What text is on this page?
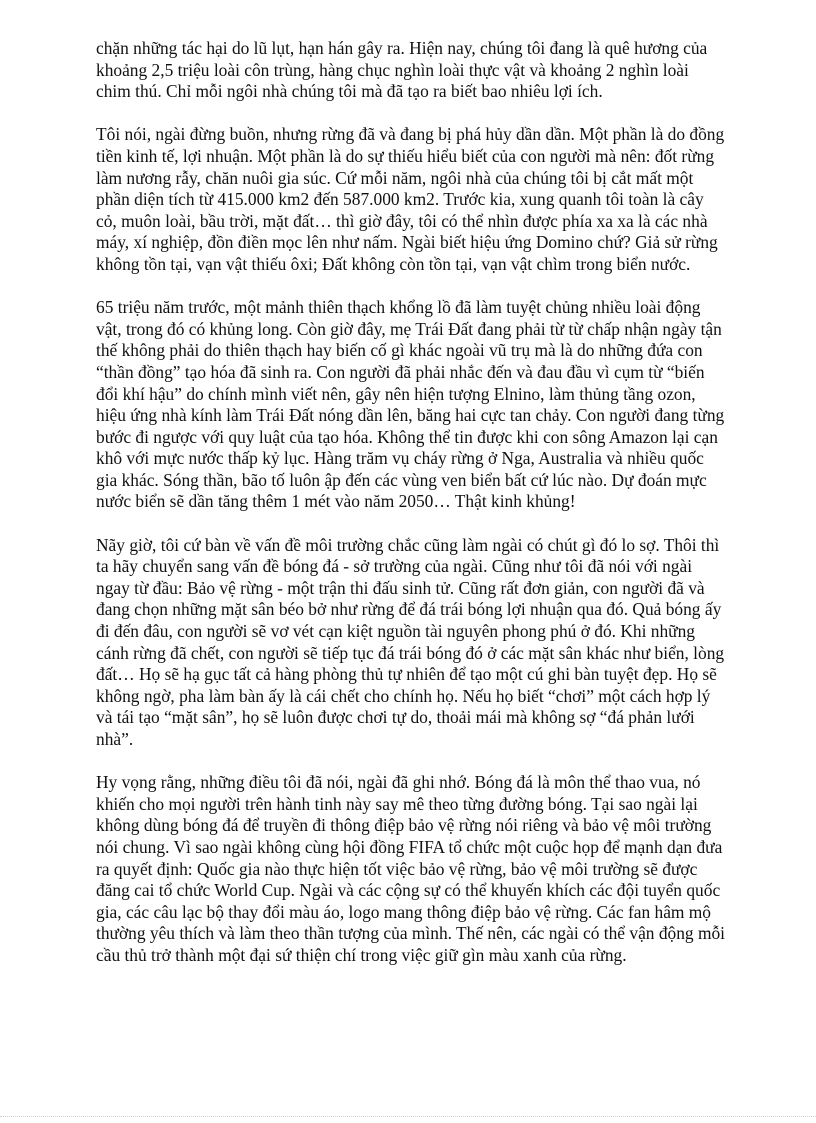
chặn những tác hại do lũ lụt, hạn hán gây ra. Hiện nay, chúng tôi đang là quê hương của khoảng 2,5 triệu loài côn trùng, hàng chục nghìn loài thực vật và khoảng 2 nghìn loài chim thú. Chỉ mỗi ngôi nhà chúng tôi mà đã tạo ra biết bao nhiêu lợi ích.

Tôi nói, ngài đừng buồn, nhưng rừng đã và đang bị phá hủy dần dần. Một phần là do đồng tiền kinh tế, lợi nhuận. Một phần là do sự thiếu hiểu biết của con người mà nên: đốt rừng làm nương rẫy, chăn nuôi gia súc. Cứ mỗi năm, ngôi nhà của chúng tôi bị cắt mất một phần diện tích từ 415.000 km2 đến 587.000 km2. Trước kia, xung quanh tôi toàn là cây cỏ, muôn loài, bầu trời, mặt đất… thì giờ đây, tôi có thể nhìn được phía xa xa là các nhà máy, xí nghiệp, đồn điền mọc lên như nấm. Ngài biết hiệu ứng Domino chứ? Giả sử rừng không tồn tại, vạn vật thiếu ôxi; Đất không còn tồn tại, vạn vật chìm trong biển nước.

65 triệu năm trước, một mảnh thiên thạch khổng lồ đã làm tuyệt chủng nhiều loài động vật, trong đó có khủng long. Còn giờ đây, mẹ Trái Đất đang phải từ từ chấp nhận ngày tận thế không phải do thiên thạch hay biến cố gì khác ngoài vũ trụ mà là do những đứa con “thần đồng” tạo hóa đã sinh ra. Con người đã phải nhắc đến và đau đầu vì cụm từ “biến đổi khí hậu” do chính mình viết nên, gây nên hiện tượng Elnino, làm thủng tầng ozon, hiệu ứng nhà kính làm Trái Đất nóng dần lên, băng hai cực tan chảy. Con người đang từng bước đi ngược với quy luật của tạo hóa. Không thể tin được khi con sông Amazon lại cạn khô với mực nước thấp kỷ lục. Hàng trăm vụ cháy rừng ở Nga, Australia và nhiều quốc gia khác. Sóng thần, bão tố luôn ập đến các vùng ven biển bất cứ lúc nào. Dự đoán mực nước biển sẽ dần tăng thêm 1 mét vào năm 2050… Thật kinh khủng!

Nãy giờ, tôi cứ bàn về vấn đề môi trường chắc cũng làm ngài có chút gì đó lo sợ. Thôi thì ta hãy chuyển sang vấn đề bóng đá - sở trường của ngài. Cũng như tôi đã nói với ngài ngay từ đầu: Bảo vệ rừng - một trận thi đấu sinh tử. Cũng rất đơn giản, con người đã và đang chọn những mặt sân béo bở như rừng để đá trái bóng lợi nhuận qua đó. Quả bóng ấy đi đến đâu, con người sẽ vơ vét cạn kiệt nguồn tài nguyên phong phú ở đó. Khi những cánh rừng đã chết, con người sẽ tiếp tục đá trái bóng đó ở các mặt sân khác như biển, lòng đất… Họ sẽ hạ gục tất cả hàng phòng thủ tự nhiên để tạo một cú ghi bàn tuyệt đẹp. Họ sẽ không ngờ, pha làm bàn ấy là cái chết cho chính họ. Nếu họ biết “chơi” một cách hợp lý và tái tạo “mặt sân”, họ sẽ luôn được chơi tự do, thoải mái mà không sợ “đá phản lưới nhà”.

Hy vọng rằng, những điều tôi đã nói, ngài đã ghi nhớ. Bóng đá là môn thể thao vua, nó khiến cho mọi người trên hành tinh này say mê theo từng đường bóng. Tại sao ngài lại không dùng bóng đá để truyền đi thông điệp bảo vệ rừng nói riêng và bảo vệ môi trường nói chung. Vì sao ngài không cùng hội đồng FIFA tổ chức một cuộc họp để mạnh dạn đưa ra quyết định: Quốc gia nào thực hiện tốt việc bảo vệ rừng, bảo vệ môi trường sẽ được đăng cai tổ chức World Cup. Ngài và các cộng sự có thể khuyến khích các đội tuyển quốc gia, các câu lạc bộ thay đổi màu áo, logo mang thông điệp bảo vệ rừng. Các fan hâm mộ thường yêu thích và làm theo thần tượng của mình. Thế nên, các ngài có thể vận động mỗi cầu thủ trở thành một đại sứ thiện chí trong việc giữ gìn màu xanh của rừng.
